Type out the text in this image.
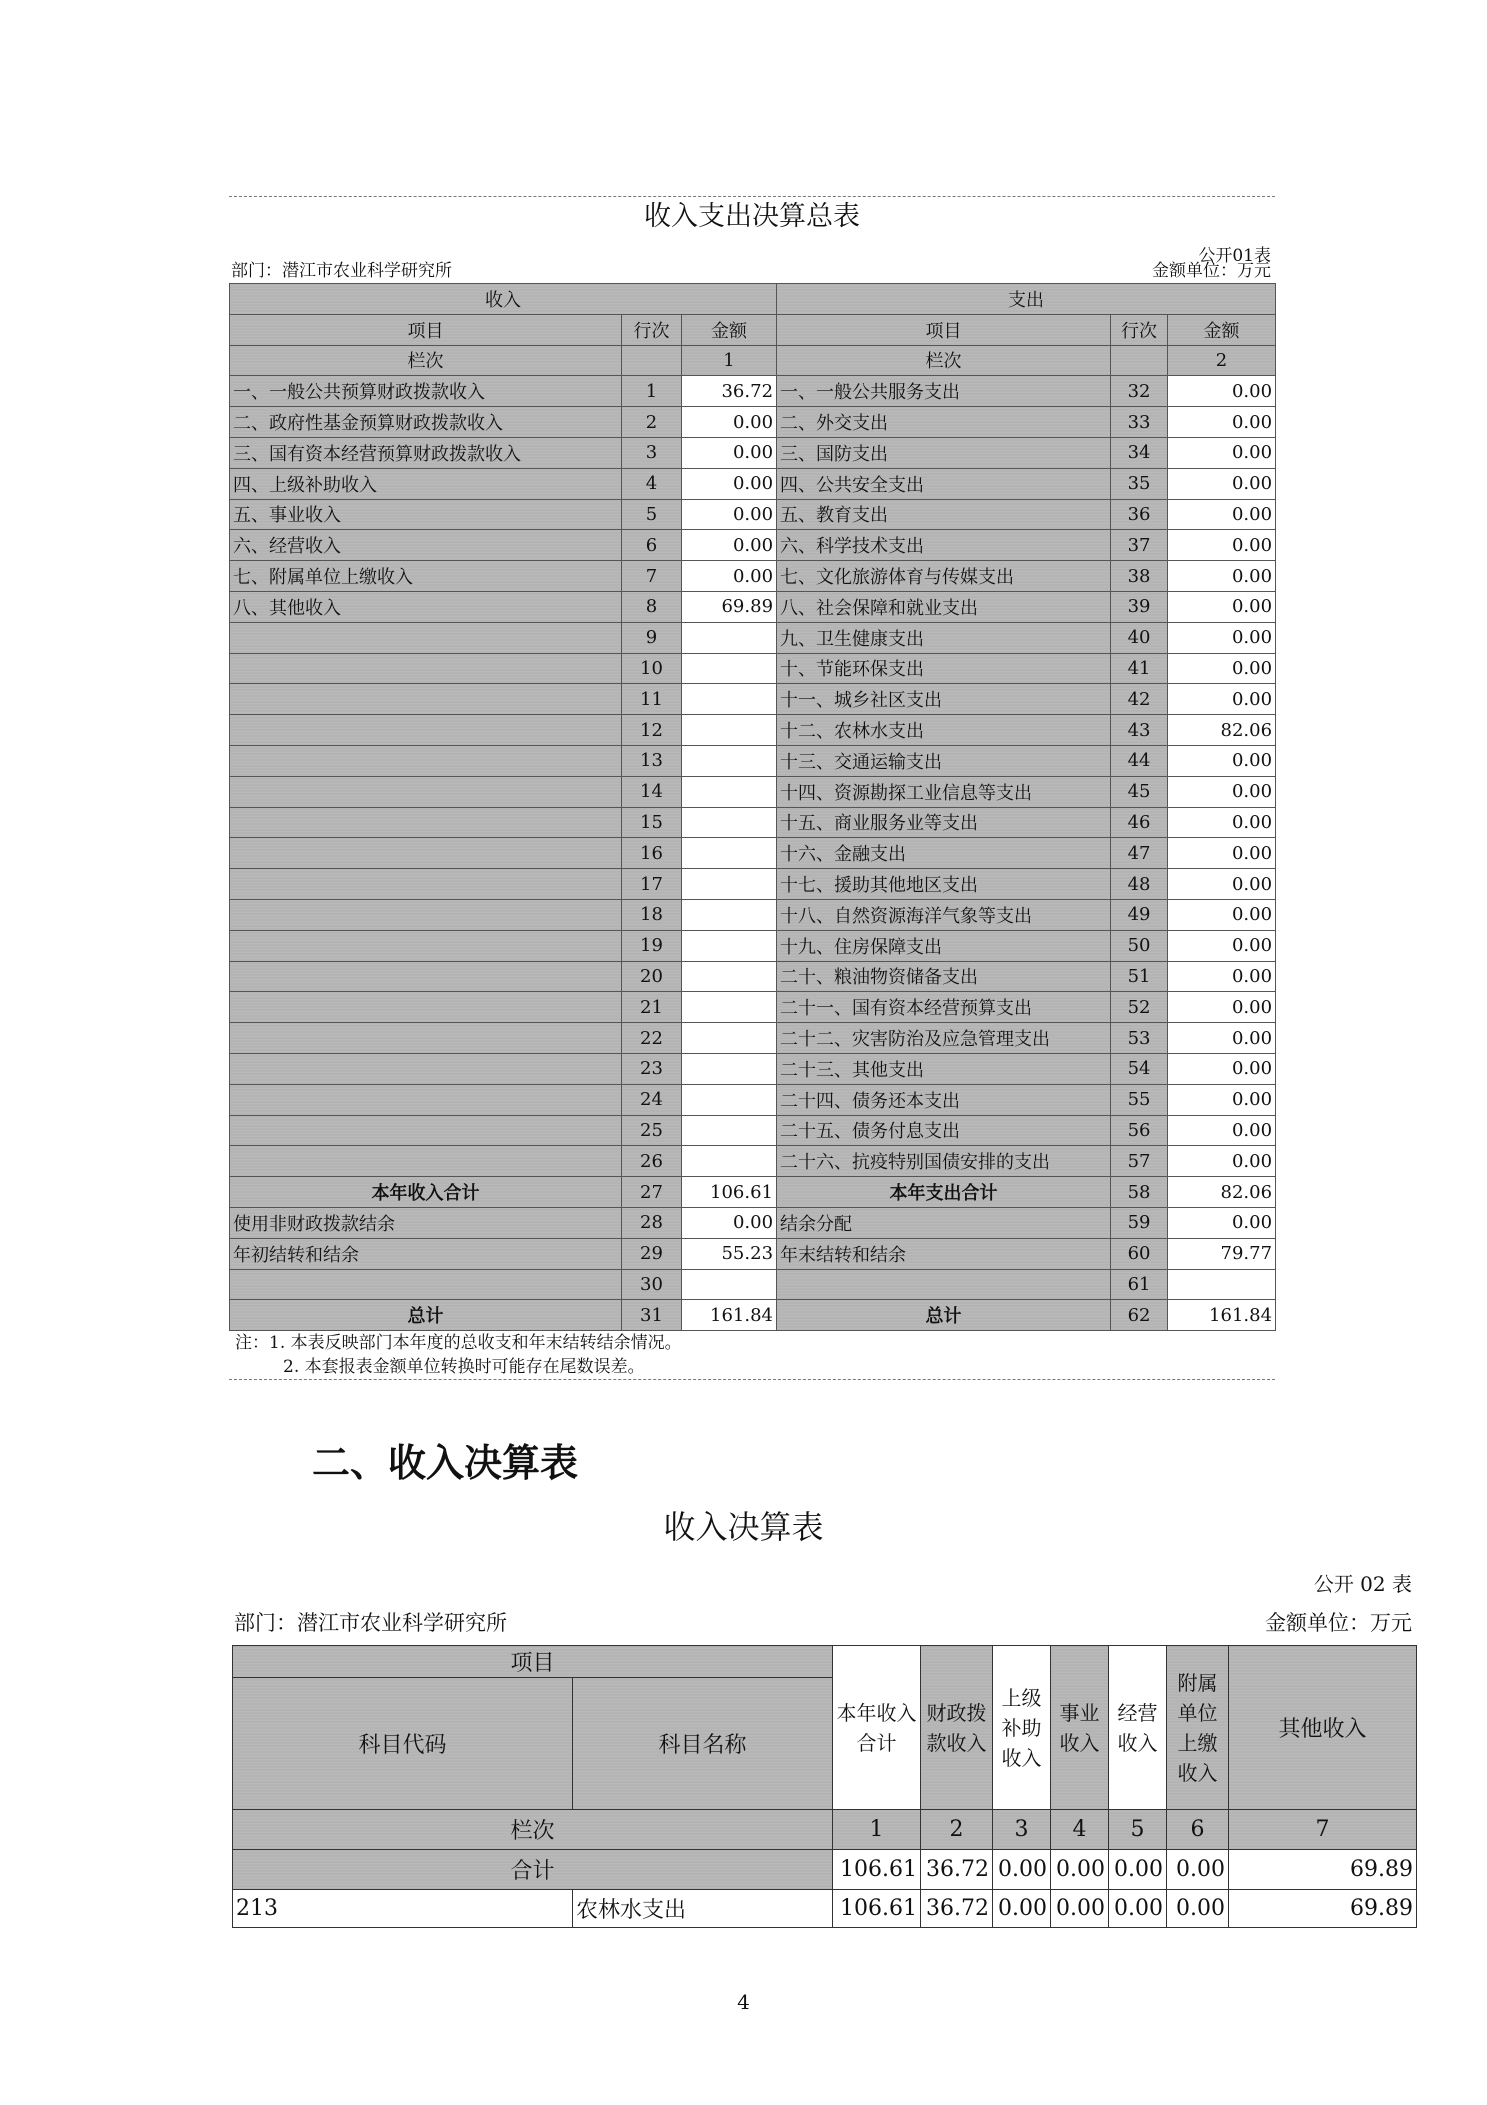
收入支出决算总表
公开01表
部门：潜江市农业科学研究所	金额单位：万元
收入			支出		
项目	行次	金额	项目	行次	金额
栏次		1	栏次		2
一、一般公共预算财政拨款收入	1	36.72	一、一般公共服务支出	32	0.00
二、政府性基金预算财政拨款收入	2	0.00	二、外交支出	33	0.00
三、国有资本经营预算财政拨款收入	3	0.00	三、国防支出	34	0.00
四、上级补助收入	4	0.00	四、公共安全支出	35	0.00
五、事业收入	5	0.00	五、教育支出	36	0.00
六、经营收入	6	0.00	六、科学技术支出	37	0.00
七、附属单位上缴收入	7	0.00	七、文化旅游体育与传媒支出	38	0.00
八、其他收入	8	69.89	八、社会保障和就业支出	39	0.00
	9		九、卫生健康支出	40	0.00
	10		十、节能环保支出	41	0.00
	11		十一、城乡社区支出	42	0.00
	12		十二、农林水支出	43	82.06
	13		十三、交通运输支出	44	0.00
	14		十四、资源勘探工业信息等支出	45	0.00
	15		十五、商业服务业等支出	46	0.00
	16		十六、金融支出	47	0.00
	17		十七、援助其他地区支出	48	0.00
	18		十八、自然资源海洋气象等支出	49	0.00
	19		十九、住房保障支出	50	0.00
	20		二十、粮油物资储备支出	51	0.00
	21		二十一、国有资本经营预算支出	52	0.00
	22		二十二、灾害防治及应急管理支出	53	0.00
	23		二十三、其他支出	54	0.00
	24		二十四、债务还本支出	55	0.00
	25		二十五、债务付息支出	56	0.00
	26		二十六、抗疫特别国债安排的支出	57	0.00
本年收入合计	27	106.61	本年支出合计	58	82.06
使用非财政拨款结余	28	0.00	结余分配	59	0.00
年初结转和结余	29	55.23	年末结转和结余	60	79.77
	30			61	
总计	31	161.84	总计	62	161.84
注：1. 本表反映部门本年度的总收支和年末结转结余情况。
2. 本套报表金额单位转换时可能存在尾数误差。
二、收入决算表
收入决算表
公开 02 表
部门：潜江市农业科学研究所	金额单位：万元
项目		本年收入合计	财政拨款收入	上级补助收入	事业收入	经营收入	附属单位上缴收入	其他收入
科目代码	科目名称							
栏次		1	2	3	4	5	6	7
合计		106.61	36.72	0.00	0.00	0.00	0.00	69.89
213	农林水支出	106.61	36.72	0.00	0.00	0.00	0.00	69.89
4
